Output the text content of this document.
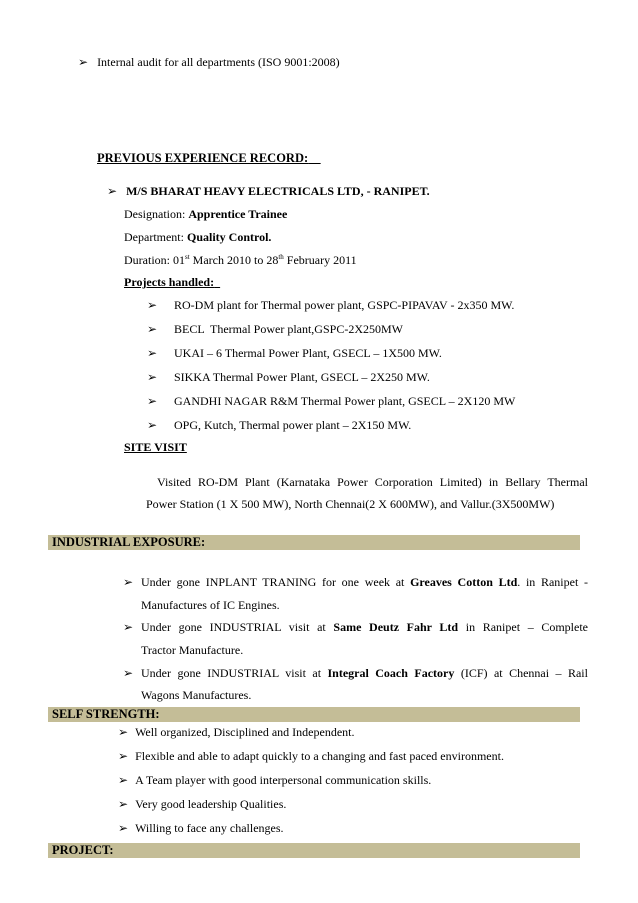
➢ Internal audit for all departments (ISO 9001:2008)
PREVIOUS EXPERIENCE RECORD:
➢ M/S BHARAT HEAVY ELECTRICALS LTD, - RANIPET.
Designation: Apprentice Trainee
Department: Quality Control.
Duration: 01st March 2010 to 28th February 2011
Projects handled:
➢ RO-DM plant for Thermal power plant, GSPC-PIPAVAV - 2x350 MW.
➢ BECL  Thermal Power plant,GSPC-2X250MW
➢ UKAI – 6 Thermal Power Plant, GSECL – 1X500 MW.
➢ SIKKA Thermal Power Plant, GSECL – 2X250 MW.
➢ GANDHI NAGAR R&M Thermal Power plant, GSECL – 2X120 MW
➢ OPG, Kutch, Thermal power plant – 2X150 MW.
SITE VISIT
Visited RO-DM Plant (Karnataka Power Corporation Limited) in Bellary Thermal
Power Station (1 X 500 MW), North Chennai(2 X 600MW), and Vallur.(3X500MW)
INDUSTRIAL EXPOSURE:
➢ Under gone INPLANT TRANING for one week at Greaves Cotton Ltd. in Ranipet -
Manufactures of IC Engines.
➢ Under gone INDUSTRIAL visit at Same Deutz Fahr Ltd in Ranipet – Complete
Tractor Manufacture.
➢ Under gone INDUSTRIAL visit at Integral Coach Factory (ICF) at Chennai – Rail
Wagons Manufactures.
SELF STRENGTH:
➢ Well organized, Disciplined and Independent.
➢ Flexible and able to adapt quickly to a changing and fast paced environment.
➢ A Team player with good interpersonal communication skills.
➢ Very good leadership Qualities.
➢ Willing to face any challenges.
PROJECT:
